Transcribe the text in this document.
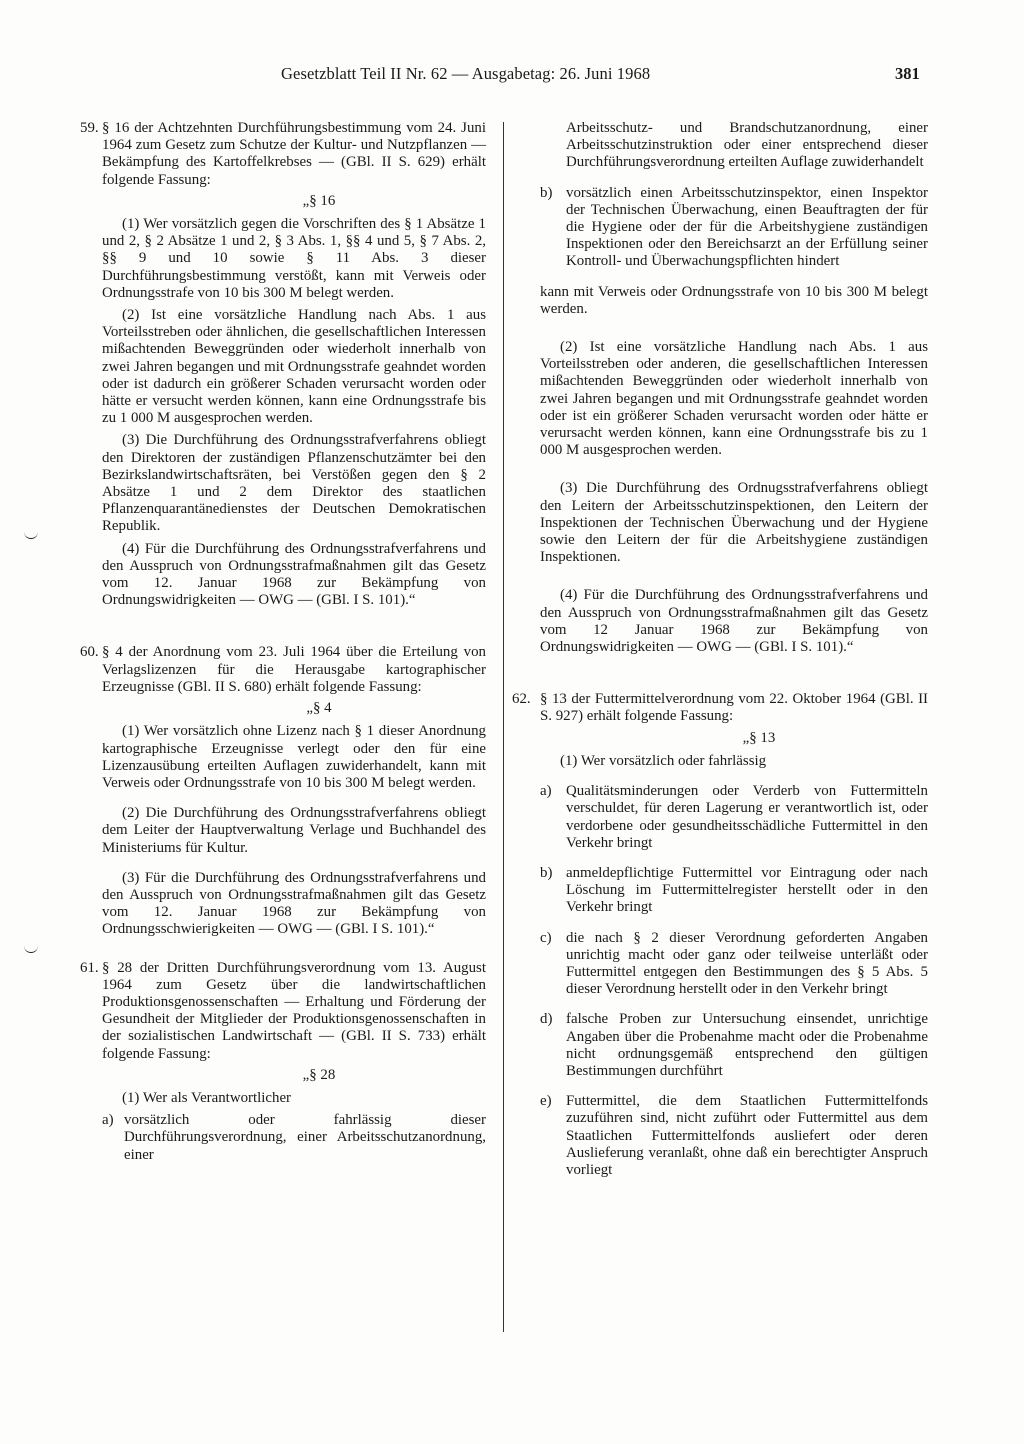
Gesetzblatt Teil II Nr. 62 — Ausgabetag: 26. Juni 1968	381
59. § 16 der Achtzehnten Durchführungsbestimmung vom 24. Juni 1964 zum Gesetz zum Schutze der Kultur- und Nutzpflanzen — Bekämpfung des Kartoffelkrebses — (GBl. II S. 629) erhält folgende Fassung:

„§ 16

(1) Wer vorsätzlich gegen die Vorschriften des § 1 Absätze 1 und 2, § 2 Absätze 1 und 2, § 3 Abs. 1, §§ 4 und 5, § 7 Abs. 2, §§ 9 und 10 sowie § 11 Abs. 3 dieser Durchführungsbestimmung verstößt, kann mit Verweis oder Ordnungsstrafe von 10 bis 300 M belegt werden.

(2) Ist eine vorsätzliche Handlung nach Abs. 1 aus Vorteilsstreben oder ähnlichen, die gesellschaftlichen Interessen mißachtenden Beweggründen oder wiederholt innerhalb von zwei Jahren begangen und mit Ordnungsstrafe geahndet worden oder ist dadurch ein größerer Schaden verursacht worden oder hätte er versucht werden können, kann eine Ordnungsstrafe bis zu 1 000 M ausgesprochen werden.

(3) Die Durchführung des Ordnungsstrafverfahrens obliegt den Direktoren der zuständigen Pflanzenschutzämter bei den Bezirkslandwirtschaftsräten, bei Verstößen gegen den § 2 Absätze 1 und 2 dem Direktor des staatlichen Pflanzenquarantänedienstes der Deutschen Demokratischen Republik.

(4) Für die Durchführung des Ordnungsstrafverfahrens und den Ausspruch von Ordnungsstrafmaßnahmen gilt das Gesetz vom 12. Januar 1968 zur Bekämpfung von Ordnungswidrigkeiten — OWG — (GBl. I S. 101).“

60. § 4 der Anordnung vom 23. Juli 1964 über die Erteilung von Verlagslizenzen für die Herausgabe kartographischer Erzeugnisse (GBl. II S. 680) erhält folgende Fassung:

„§ 4

(1) Wer vorsätzlich ohne Lizenz nach § 1 dieser Anordnung kartographische Erzeugnisse verlegt oder den für eine Lizenzausübung erteilten Auflagen zuwiderhandelt, kann mit Verweis oder Ordnungsstrafe von 10 bis 300 M belegt werden.

(2) Die Durchführung des Ordnungsstrafverfahrens obliegt dem Leiter der Hauptverwaltung Verlage und Buchhandel des Ministeriums für Kultur.

(3) Für die Durchführung des Ordnungsstrafverfahrens und den Ausspruch von Ordnungsstrafmaßnahmen gilt das Gesetz vom 12. Januar 1968 zur Bekämpfung von Ordnungsschwierigkeiten — OWG — (GBl. I S. 101).“

61. § 28 der Dritten Durchführungsverordnung vom 13. August 1964 zum Gesetz über die landwirtschaftlichen Produktionsgenossenschaften — Erhaltung und Förderung der Gesundheit der Mitglieder der Produktionsgenossenschaften in der sozialistischen Landwirtschaft — (GBl. II S. 733) erhält folgende Fassung:

„§ 28

(1) Wer als Verantwortlicher

a) vorsätzlich oder fahrlässig dieser Durchführungsverordnung, einer Arbeitsschutzanordnung, einer

Arbeitsschutz- und Brandschutzanordnung, einer Arbeitsschutzinstruktion oder einer entsprechend dieser Durchführungsverordnung erteilten Auflage zuwiderhandelt

b) vorsätzlich einen Arbeitsschutzinspektor, einen Inspektor der Technischen Überwachung, einen Beauftragten der für die Hygiene oder der für die Arbeitshygiene zuständigen Inspektionen oder den Bereichsarzt an der Erfüllung seiner Kontroll- und Überwachungspflichten hindert

kann mit Verweis oder Ordnungsstrafe von 10 bis 300 M belegt werden.

(2) Ist eine vorsätzliche Handlung nach Abs. 1 aus Vorteilsstreben oder anderen, die gesellschaftlichen Interessen mißachtenden Beweggründen oder wiederholt innerhalb von zwei Jahren begangen und mit Ordnungsstrafe geahndet worden oder ist ein größerer Schaden verursacht worden oder hätte er verursacht werden können, kann eine Ordnungsstrafe bis zu 1 000 M ausgesprochen werden.

(3) Die Durchführung des Ordnugsstrafverfahrens obliegt den Leitern der Arbeitsschutzinspektionen, den Leitern der Inspektionen der Technischen Überwachung und der Hygiene sowie den Leitern der für die Arbeitshygiene zuständigen Inspektionen.

(4) Für die Durchführung des Ordnungsstrafverfahrens und den Ausspruch von Ordnungsstrafmaßnahmen gilt das Gesetz vom 12 Januar 1968 zur Bekämpfung von Ordnungswidrigkeiten — OWG — (GBl. I S. 101).“

62. § 13 der Futtermittelverordnung vom 22. Oktober 1964 (GBl. II S. 927) erhält folgende Fassung:

„§ 13

(1) Wer vorsätzlich oder fahrlässig

a) Qualitätsminderungen oder Verderb von Futtermitteln verschuldet, für deren Lagerung er verantwortlich ist, oder verdorbene oder gesundheitsschädliche Futtermittel in den Verkehr bringt

b) anmeldepflichtige Futtermittel vor Eintragung oder nach Löschung im Futtermittelregister herstellt oder in den Verkehr bringt

c) die nach § 2 dieser Verordnung geforderten Angaben unrichtig macht oder ganz oder teilweise unterläßt oder Futtermittel entgegen den Bestimmungen des § 5 Abs. 5 dieser Verordnung herstellt oder in den Verkehr bringt

d) falsche Proben zur Untersuchung einsendet, unrichtige Angaben über die Probenahme macht oder die Probenahme nicht ordnungsgemäß entsprechend den gültigen Bestimmungen durchführt

e) Futtermittel, die dem Staatlichen Futtermittelfonds zuzuführen sind, nicht zuführt oder Futtermittel aus dem Staatlichen Futtermittelfonds ausliefert oder deren Auslieferung veranlaßt, ohne daß ein berechtigter Anspruch vorliegt
